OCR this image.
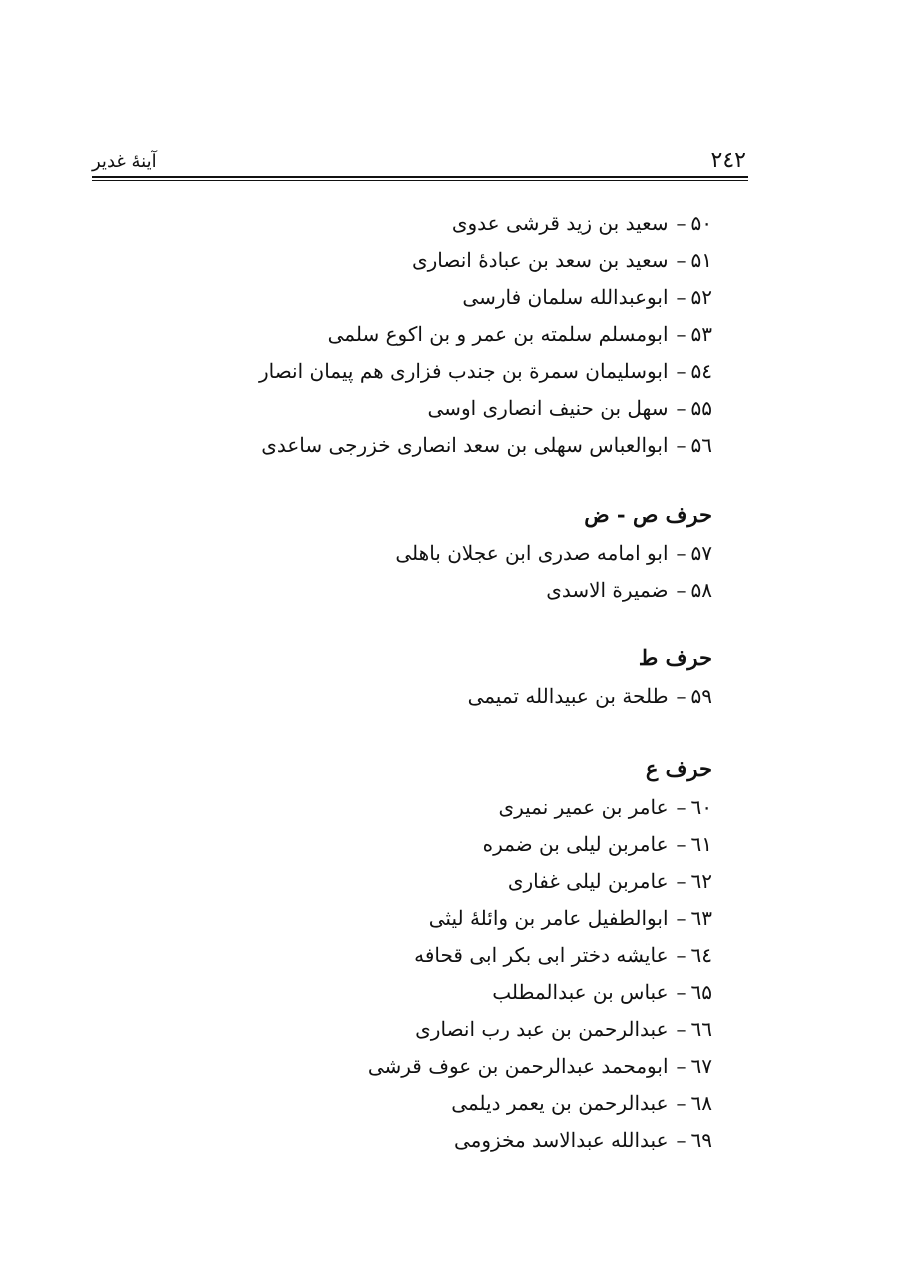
۲٤۲
آينۀ غدير
۵۰–سعيد بن زيد قرشی عدوی
۵۱–سعيد بن سعد بن عبادۀ انصاری
۵۲–ابوعبدالله سلمان فارسی
۵۳–ابومسلم سلمته بن عمر و بن اکوع سلمی
۵٤–ابوسليمان سمرة بن جندب فزاری هم پيمان انصار
۵۵–سهل بن حنيف انصاری اوسی
۵٦–ابوالعباس سهلی بن سعد انصاری خزرجی ساعدی
حرف ص - ض
۵۷–ابو امامه صدری ابن عجلان باهلی
۵۸–ضميرة الاسدی
حرف ط
۵۹–طلحة بن عبيدالله تميمی
حرف ع
٦۰–عامر بن عمير نميری
٦۱–عامربن ليلی بن ضمره
٦۲–عامربن ليلی غفاری
٦۳–ابوالطفيل عامر بن وائلۀ ليثی
٦٤–عايشه دختر ابی بکر ابی قحافه
٦۵–عباس بن عبدالمطلب
٦٦–عبدالرحمن بن عبد رب انصاری
٦۷–ابومحمد عبدالرحمن بن عوف قرشی
٦۸–عبدالرحمن بن يعمر ديلمی
٦۹–عبدالله عبدالاسد مخزومی
